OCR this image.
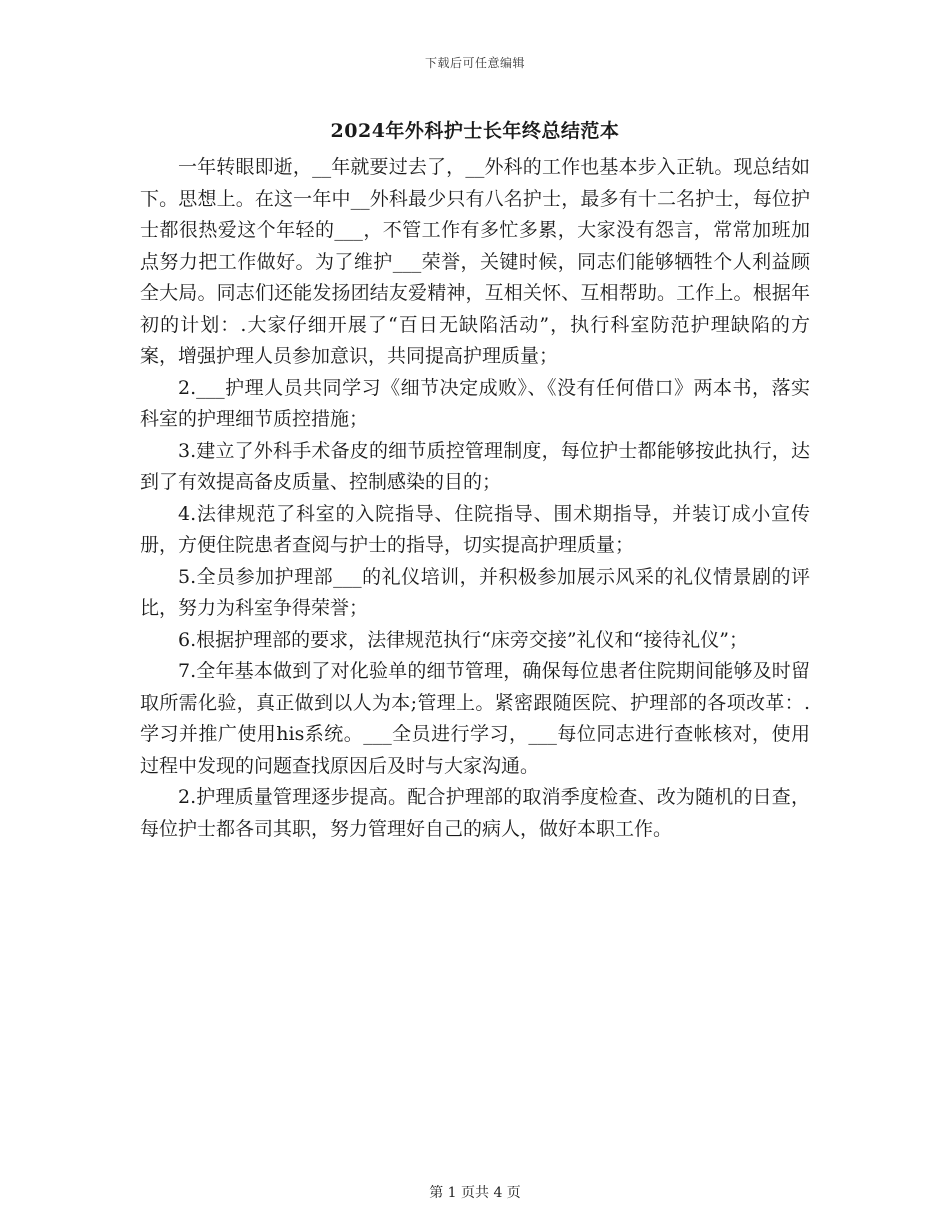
下载后可任意编辑
2024年外科护士长年终总结范本

一年转眼即逝，__年就要过去了，__外科的工作也基本步入正轨。现总结如下。思想上。在这一年中__外科最少只有八名护士，最多有十二名护士，每位护士都很热爱这个年轻的___，不管工作有多忙多累，大家没有怨言，常常加班加点努力把工作做好。为了维护___荣誉，关键时候，同志们能够牺牲个人利益顾全大局。同志们还能发扬团结友爱精神，互相关怀、互相帮助。工作上。根据年初的计划：.大家仔细开展了“百日无缺陷活动”，执行科室防范护理缺陷的方案，增强护理人员参加意识，共同提高护理质量；

2.___护理人员共同学习《细节决定成败》、《没有任何借口》两本书，落实科室的护理细节质控措施；

3.建立了外科手术备皮的细节质控管理制度，每位护士都能够按此执行，达到了有效提高备皮质量、控制感染的目的；

4.法律规范了科室的入院指导、住院指导、围术期指导，并装订成小宣传册，方便住院患者查阅与护士的指导，切实提高护理质量；

5.全员参加护理部___的礼仪培训，并积极参加展示风采的礼仪情景剧的评比，努力为科室争得荣誉；

6.根据护理部的要求，法律规范执行“床旁交接”礼仪和“接待礼仪”；

7.全年基本做到了对化验单的细节管理，确保每位患者住院期间能够及时留取所需化验，真正做到以人为本;管理上。紧密跟随医院、护理部的各项改革：.学习并推广使用his系统。___全员进行学习，___每位同志进行查帐核对，使用过程中发现的问题查找原因后及时与大家沟通。

2.护理质量管理逐步提高。配合护理部的取消季度检查、改为随机的日查，每位护士都各司其职，努力管理好自己的病人，做好本职工作。

第 1 页共 4 页
